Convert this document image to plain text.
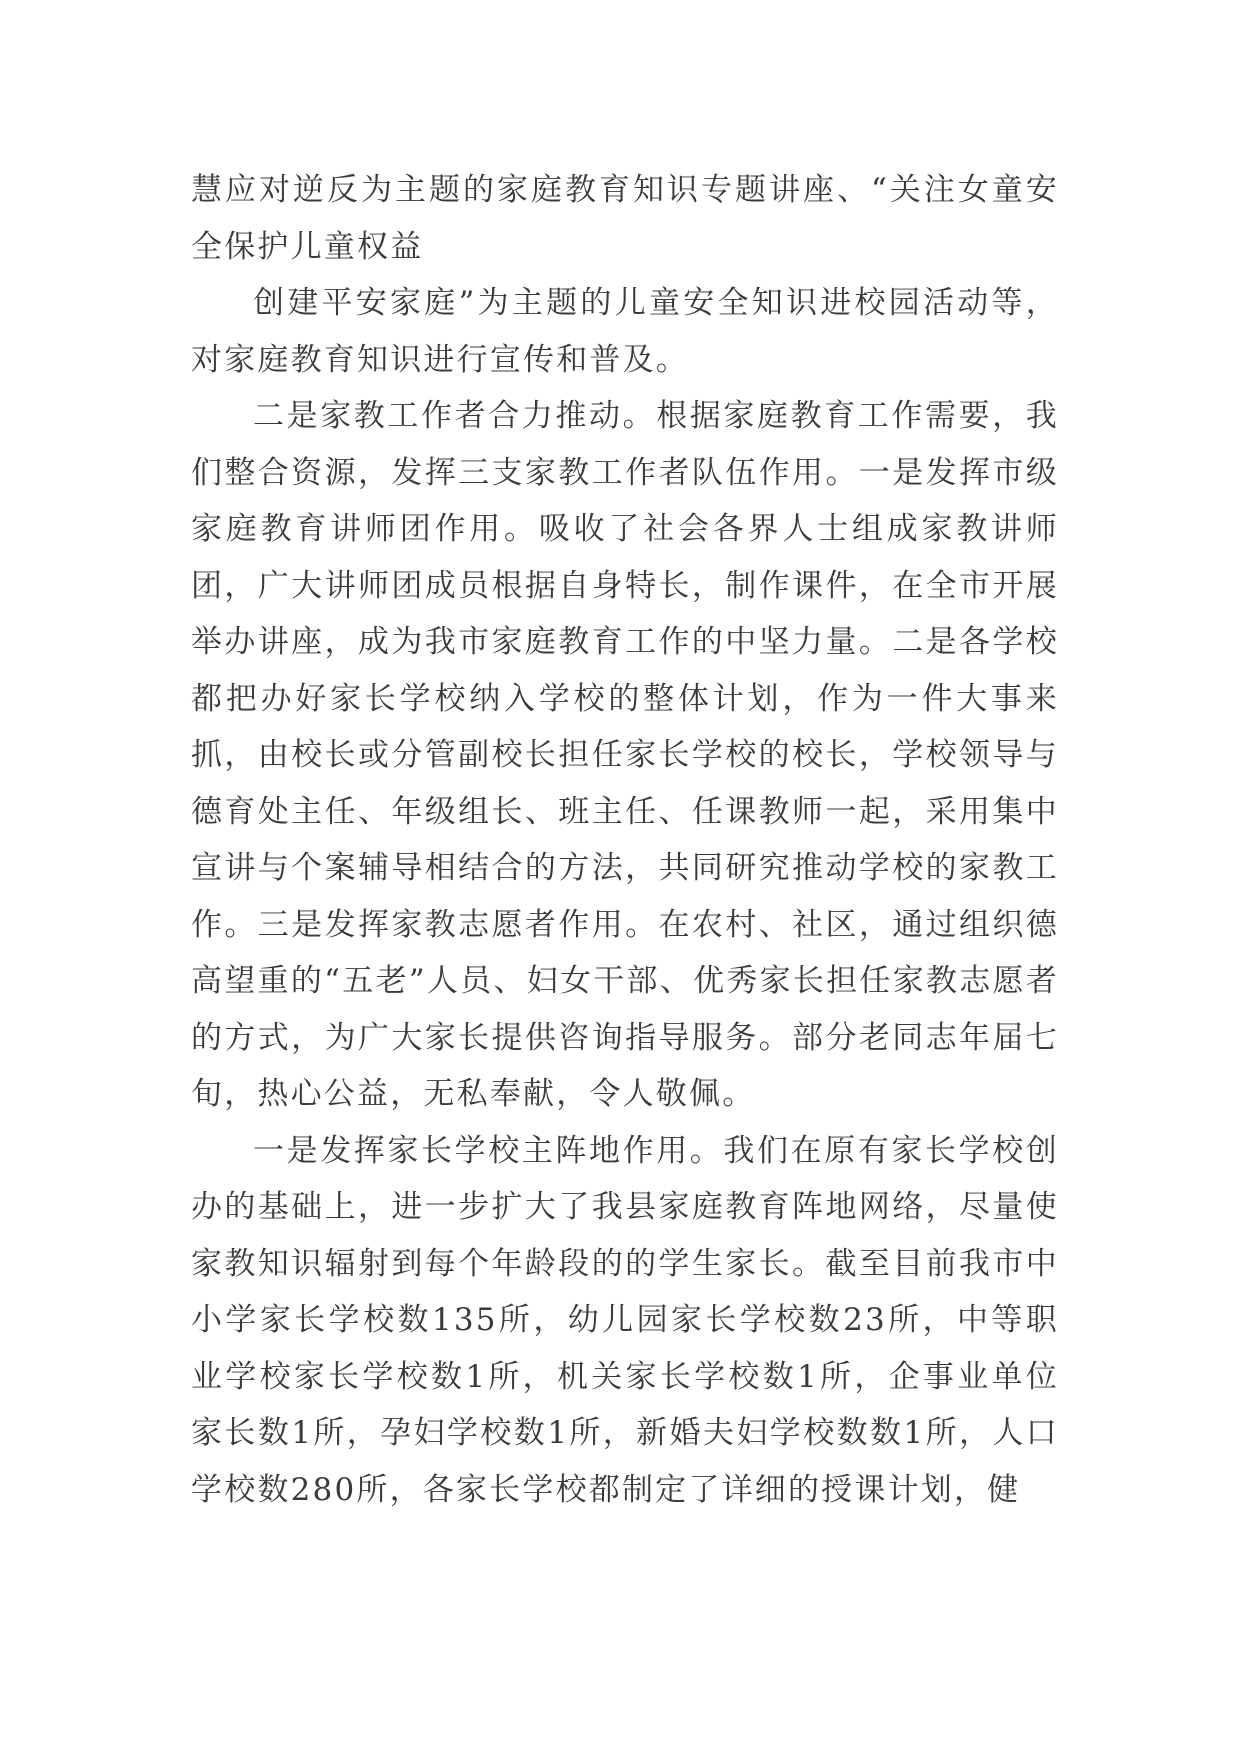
慧应对逆反为主题的家庭教育知识专题讲座、“关注女童安全保护儿童权益

创建平安家庭”为主题的儿童安全知识进校园活动等，对家庭教育知识进行宣传和普及。

二是家教工作者合力推动。根据家庭教育工作需要，我们整合资源，发挥三支家教工作者队伍作用。一是发挥市级家庭教育讲师团作用。吸收了社会各界人士组成家教讲师团，广大讲师团成员根据自身特长，制作课件，在全市开展举办讲座，成为我市家庭教育工作的中坚力量。二是各学校都把办好家长学校纳入学校的整体计划，作为一件大事来抓，由校长或分管副校长担任家长学校的校长，学校领导与德育处主任、年级组长、班主任、任课教师一起，采用集中宣讲与个案辅导相结合的方法，共同研究推动学校的家教工作。三是发挥家教志愿者作用。在农村、社区，通过组织德高望重的“五老”人员、妇女干部、优秀家长担任家教志愿者的方式，为广大家长提供咨询指导服务。部分老同志年届七旬，热心公益，无私奉献，令人敬佩。

一是发挥家长学校主阵地作用。我们在原有家长学校创办的基础上，进一步扩大了我县家庭教育阵地网络，尽量使家教知识辐射到每个年龄段的的学生家长。截至目前我市中小学家长学校数135所，幼儿园家长学校数23所，中等职业学校家长学校数1所，机关家长学校数1所，企事业单位家长数1所，孕妇学校数1所，新婚夫妇学校数数1所，人口学校数280所，各家长学校都制定了详细的授课计划，健
